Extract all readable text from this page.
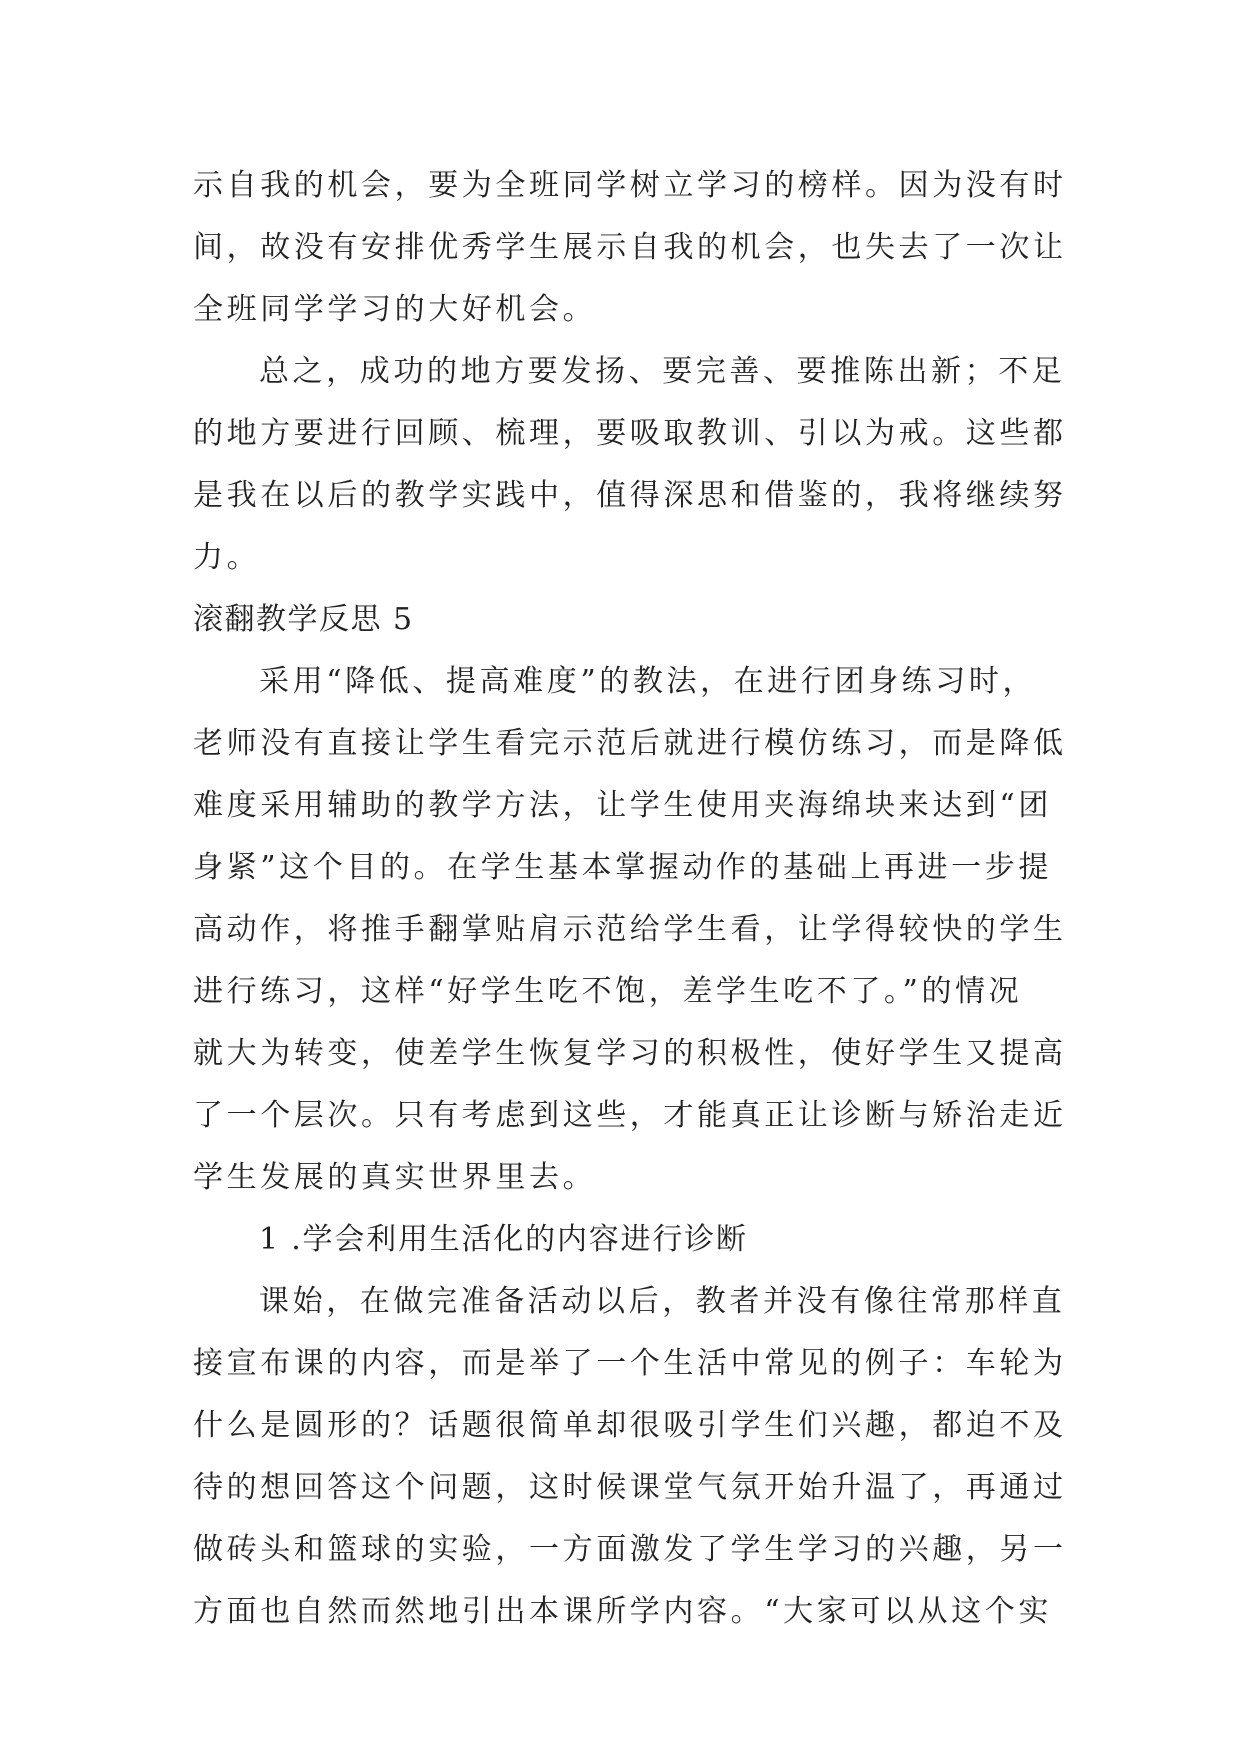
示自我的机会，要为全班同学树立学习的榜样。因为没有时
间，故没有安排优秀学生展示自我的机会，也失去了一次让
全班同学学习的大好机会。
总之，成功的地方要发扬、要完善、要推陈出新；不足
的地方要进行回顾、梳理，要吸取教训、引以为戒。这些都
是我在以后的教学实践中，值得深思和借鉴的，我将继续努
力。
滚翻教学反思 5
采用“降低、提高难度”的教法，在进行团身练习时，
老师没有直接让学生看完示范后就进行模仿练习，而是降低
难度采用辅助的教学方法，让学生使用夹海绵块来达到“团
身紧”这个目的。在学生基本掌握动作的基础上再进一步提
高动作，将推手翻掌贴肩示范给学生看，让学得较快的学生
进行练习，这样“好学生吃不饱，差学生吃不了。”的情况
就大为转变，使差学生恢复学习的积极性，使好学生又提高
了一个层次。只有考虑到这些，才能真正让诊断与矫治走近
学生发展的真实世界里去。
1 .学会利用生活化的内容进行诊断
课始，在做完准备活动以后，教者并没有像往常那样直
接宣布课的内容，而是举了一个生活中常见的例子：车轮为
什么是圆形的？话题很简单却很吸引学生们兴趣，都迫不及
待的想回答这个问题，这时候课堂气氛开始升温了，再通过
做砖头和篮球的实验，一方面激发了学生学习的兴趣，另一
方面也自然而然地引出本课所学内容。“大家可以从这个实
